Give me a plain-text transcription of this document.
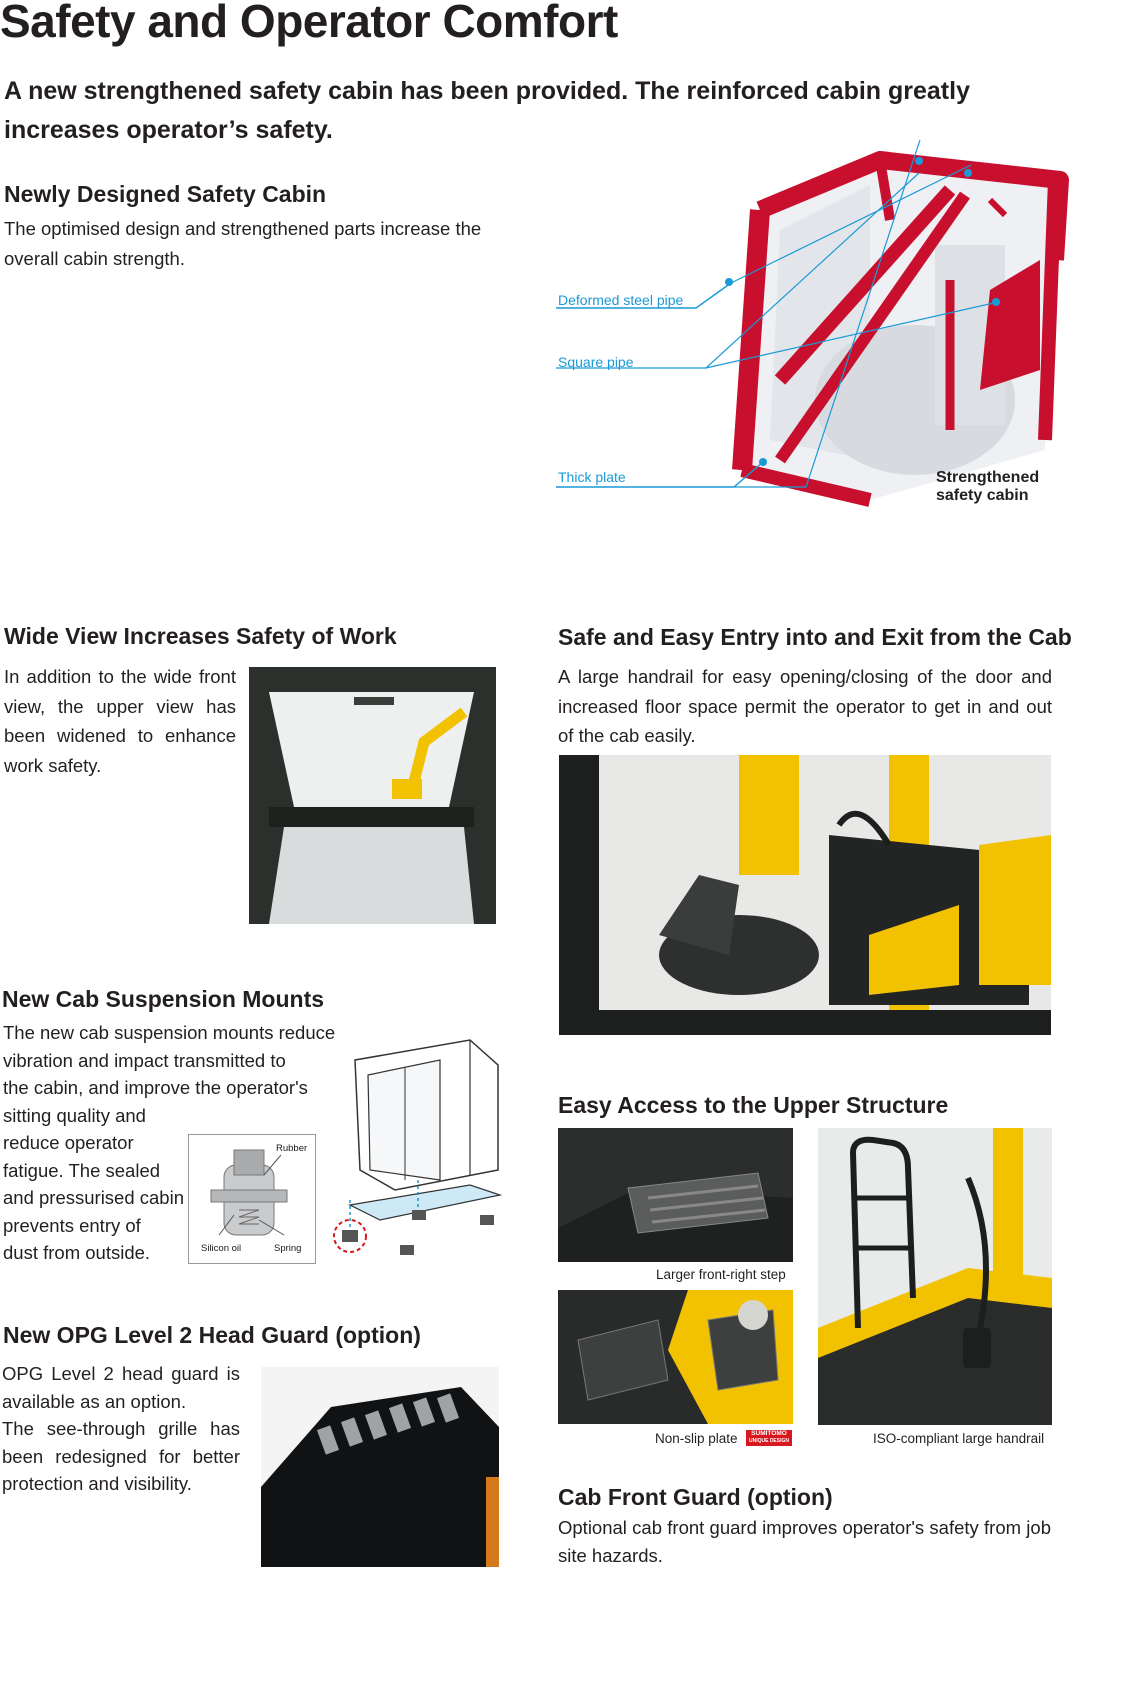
Safety and Operator Comfort
A new strengthened safety cabin has been provided. The reinforced cabin greatly increases operator’s safety.
Newly Designed Safety Cabin
The optimised design and strengthened parts increase the overall cabin strength.
Deformed steel pipe
Square pipe
Thick plate	Strengthened
safety cabin
Wide View Increases Safety of Work
In addition to the wide front view, the upper view has been widened to enhance work safety.
Safe and Easy Entry into and Exit from the Cab
A large handrail for easy opening/closing of the door and increased floor space permit the operator to get in and out of the cab easily.
New Cab Suspension Mounts
The new cab suspension mounts reduce
vibration and impact transmitted to
the cabin, and improve the operator's
sitting quality and
reduce operator
fatigue. The sealed
and pressurised cabin
prevents entry of
dust from outside.
Rubber
Silicon oil	Spring
Easy Access to the Upper Structure
Larger front-right step
Non-slip plate	SUMITOMO
UNIQUE DESIGN	ISO-compliant large handrail
New OPG Level 2 Head Guard (option)
OPG Level 2 head guard is available as an option.
The see-through grille has been redesigned for better protection and visibility.
Cab Front Guard (option)
Optional cab front guard improves operator's safety from job site hazards.
